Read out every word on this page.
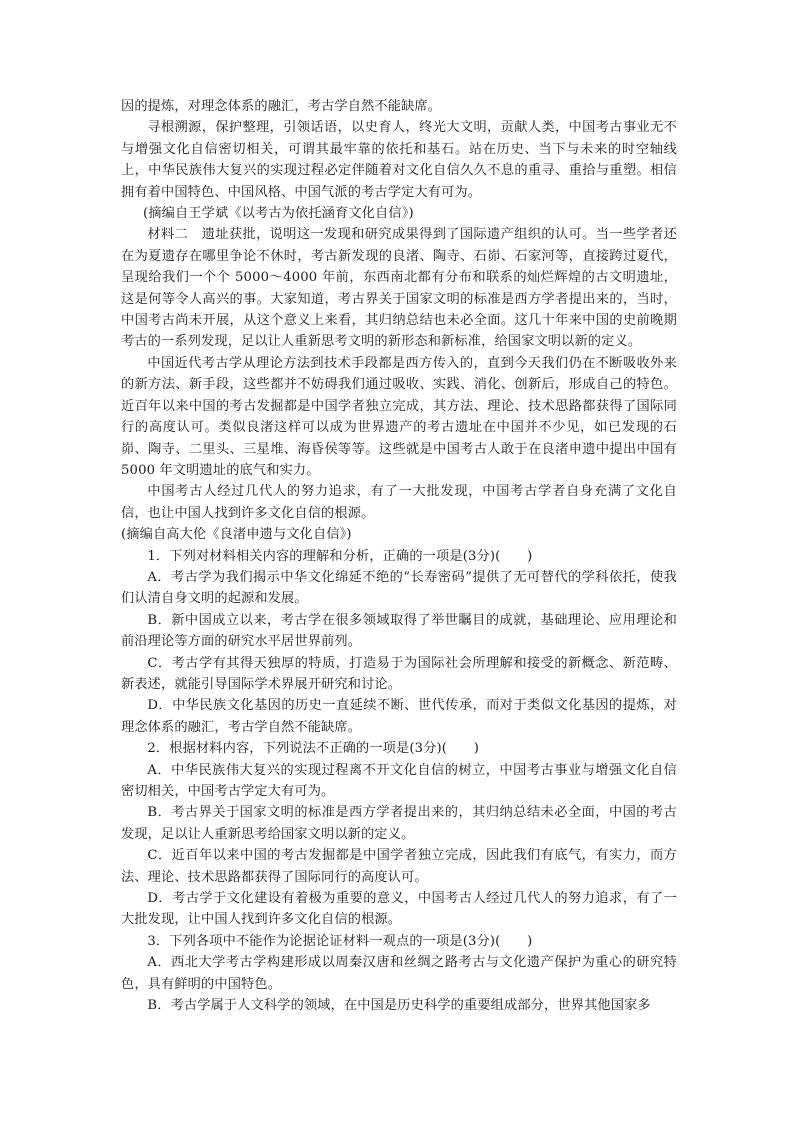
因的提炼，对理念体系的融汇，考古学自然不能缺席。

寻根溯源，保护整理，引领话语，以史育人，终光大文明，贡献人类，中国考古事业无不与增强文化自信密切相关，可谓其最牢靠的依托和基石。站在历史、当下与未来的时空轴线上，中华民族伟大复兴的实现过程必定伴随着对文化自信久久不息的重寻、重拾与重塑。相信拥有着中国特色、中国风格、中国气派的考古学定大有可为。

(摘编自王学斌《以考古为依托涵育文化自信》)

材料二　遗址获批，说明这一发现和研究成果得到了国际遗产组织的认可。当一些学者还在为夏遗存在哪里争论不休时，考古新发现的良渚、陶寺、石峁、石家河等，直接跨过夏代，呈现给我们一个个 5000～4000 年前，东西南北都有分布和联系的灿烂辉煌的古文明遗址，这是何等令人高兴的事。大家知道，考古界关于国家文明的标准是西方学者提出来的，当时，中国考古尚未开展，从这个意义上来看，其归纳总结也未必全面。这几十年来中国的史前晚期考古的一系列发现，足以让人重新思考文明的新形态和新标准，给国家文明以新的定义。

中国近代考古学从理论方法到技术手段都是西方传入的，直到今天我们仍在不断吸收外来的新方法、新手段，这些都并不妨碍我们通过吸收、实践、消化、创新后，形成自己的特色。近百年以来中国的考古发掘都是中国学者独立完成，其方法、理论、技术思路都获得了国际同行的高度认可。类似良渚这样可以成为世界遗产的考古遗址在中国并不少见，如已发现的石峁、陶寺、二里头、三星堆、海昏侯等等。这些就是中国考古人敢于在良渚申遗中提出中国有 5000 年文明遗址的底气和实力。

中国考古人经过几代人的努力追求，有了一大批发现，中国考古学者自身充满了文化自信，也让中国人找到许多文化自信的根源。

(摘编自高大伦《良渚申遗与文化自信》)

1．下列对材料相关内容的理解和分析，正确的一项是(3分)(　　)

A．考古学为我们揭示中华文化绵延不绝的“长寿密码”提供了无可替代的学科依托，使我们认清自身文明的起源和发展。

B．新中国成立以来，考古学在很多领域取得了举世瞩目的成就，基础理论、应用理论和前沿理论等方面的研究水平居世界前列。

C．考古学有其得天独厚的特质，打造易于为国际社会所理解和接受的新概念、新范畴、新表述，就能引导国际学术界展开研究和讨论。

D．中华民族文化基因的历史一直延续不断、世代传承，而对于类似文化基因的提炼，对理念体系的融汇，考古学自然不能缺席。

2．根据材料内容，下列说法不正确的一项是(3分)(　　)

A．中华民族伟大复兴的实现过程离不开文化自信的树立，中国考古事业与增强文化自信密切相关，中国考古学定大有可为。

B．考古界关于国家文明的标准是西方学者提出来的，其归纳总结未必全面，中国的考古发现，足以让人重新思考给国家文明以新的定义。

C．近百年以来中国的考古发掘都是中国学者独立完成，因此我们有底气，有实力，而方法、理论、技术思路都获得了国际同行的高度认可。

D．考古学于文化建设有着极为重要的意义，中国考古人经过几代人的努力追求，有了一大批发现，让中国人找到许多文化自信的根源。

3．下列各项中不能作为论据论证材料一观点的一项是(3分)(　　)

A．西北大学考古学构建形成以周秦汉唐和丝绸之路考古与文化遗产保护为重心的研究特色，具有鲜明的中国特色。

B．考古学属于人文科学的领域，在中国是历史科学的重要组成部分，世界其他国家多
